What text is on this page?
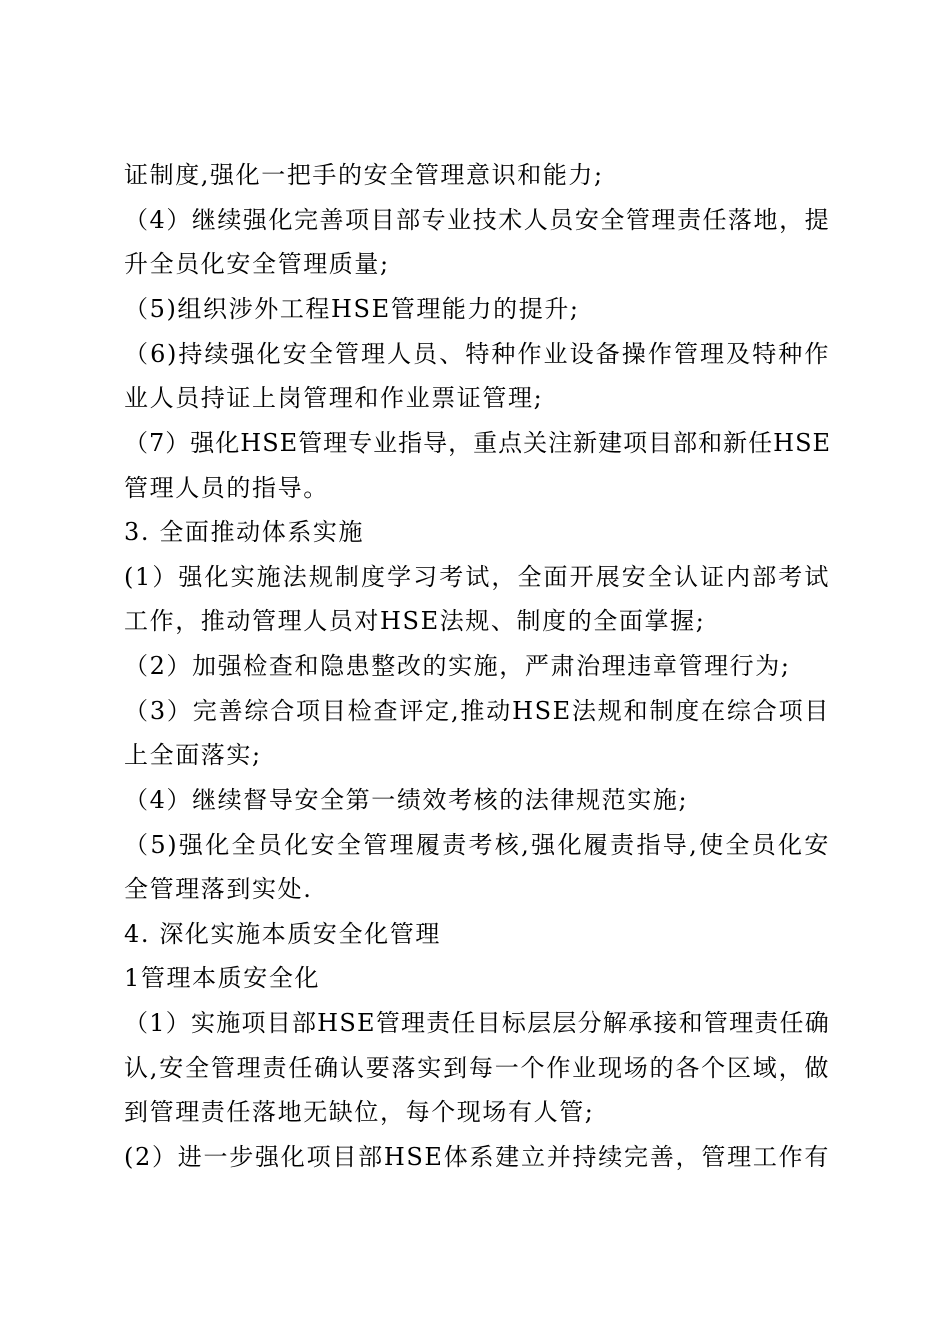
证制度,强化一把手的安全管理意识和能力;
（4）继续强化完善项目部专业技术人员安全管理责任落地，提
升全员化安全管理质量;
（5)组织涉外工程HSE管理能力的提升;
（6)持续强化安全管理人员、特种作业设备操作管理及特种作
业人员持证上岗管理和作业票证管理;
（7）强化HSE管理专业指导，重点关注新建项目部和新任HSE
管理人员的指导。
3. 全面推动体系实施
(1）强化实施法规制度学习考试，全面开展安全认证内部考试
工作，推动管理人员对HSE法规、制度的全面掌握;
（2）加强检查和隐患整改的实施，严肃治理违章管理行为;
（3）完善综合项目检查评定,推动HSE法规和制度在综合项目
上全面落实;
（4）继续督导安全第一绩效考核的法律规范实施;
（5)强化全员化安全管理履责考核,强化履责指导,使全员化安
全管理落到实处.
4. 深化实施本质安全化管理
1管理本质安全化
（1）实施项目部HSE管理责任目标层层分解承接和管理责任确
认,安全管理责任确认要落实到每一个作业现场的各个区域，做
到管理责任落地无缺位，每个现场有人管;
(2）进一步强化项目部HSE体系建立并持续完善，管理工作有
